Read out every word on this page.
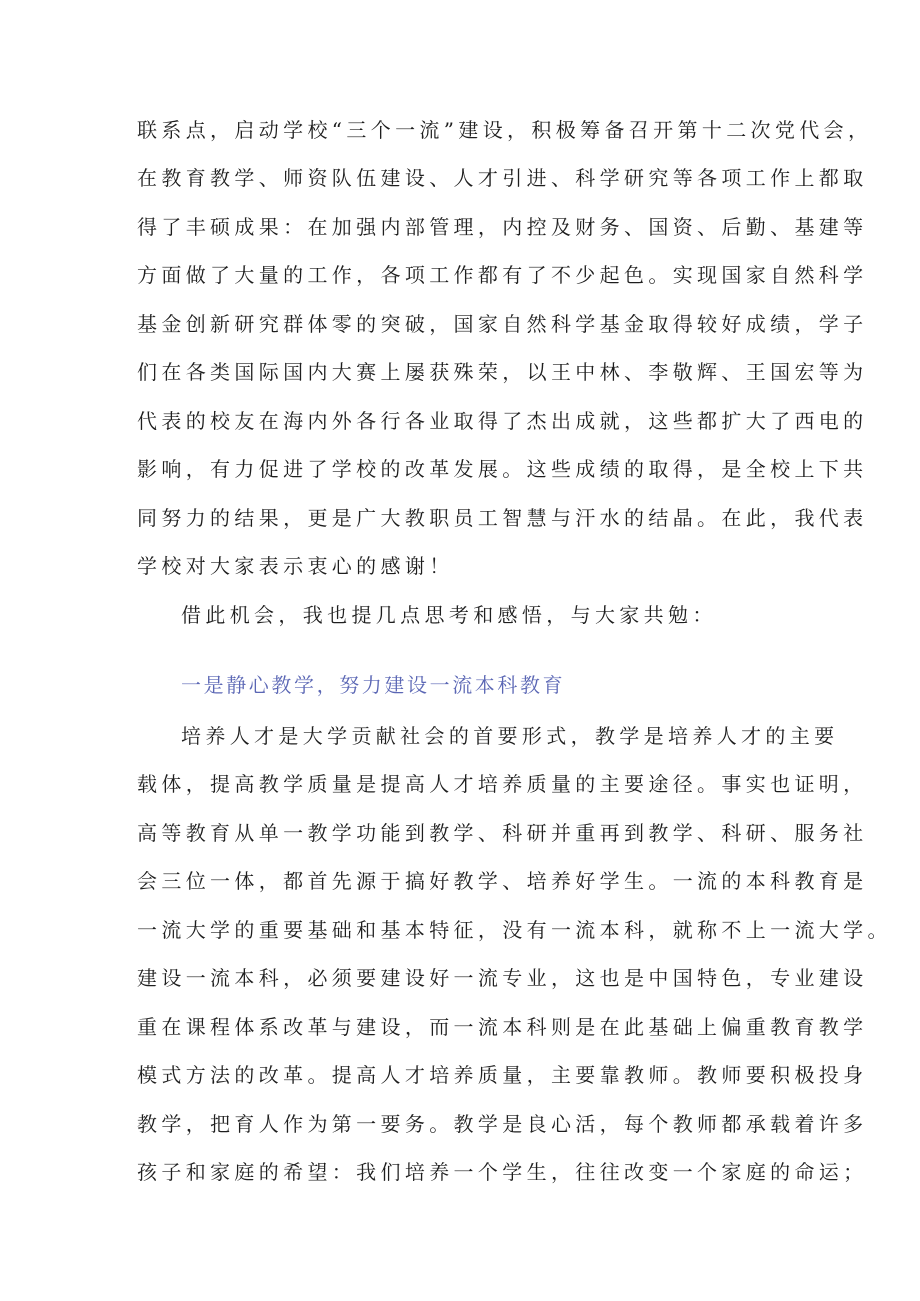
联系点，启动学校“三个一流”建设，积极筹备召开第十二次党代会，
在教育教学、师资队伍建设、人才引进、科学研究等各项工作上都取
得了丰硕成果：在加强内部管理，内控及财务、国资、后勤、基建等
方面做了大量的工作，各项工作都有了不少起色。实现国家自然科学
基金创新研究群体零的突破，国家自然科学基金取得较好成绩，学子
们在各类国际国内大赛上屡获殊荣，以王中林、李敬辉、王国宏等为
代表的校友在海内外各行各业取得了杰出成就，这些都扩大了西电的
影响，有力促进了学校的改革发展。这些成绩的取得，是全校上下共
同努力的结果，更是广大教职员工智慧与汗水的结晶。在此，我代表
学校对大家表示衷心的感谢！
借此机会，我也提几点思考和感悟，与大家共勉：
一是静心教学，努力建设一流本科教育
培养人才是大学贡献社会的首要形式，教学是培养人才的主要
载体，提高教学质量是提高人才培养质量的主要途径。事实也证明，
高等教育从单一教学功能到教学、科研并重再到教学、科研、服务社
会三位一体，都首先源于搞好教学、培养好学生。一流的本科教育是
一流大学的重要基础和基本特征，没有一流本科，就称不上一流大学。
建设一流本科，必须要建设好一流专业，这也是中国特色，专业建设
重在课程体系改革与建设，而一流本科则是在此基础上偏重教育教学
模式方法的改革。提高人才培养质量，主要靠教师。教师要积极投身
教学，把育人作为第一要务。教学是良心活，每个教师都承载着许多
孩子和家庭的希望：我们培养一个学生，往往改变一个家庭的命运；
